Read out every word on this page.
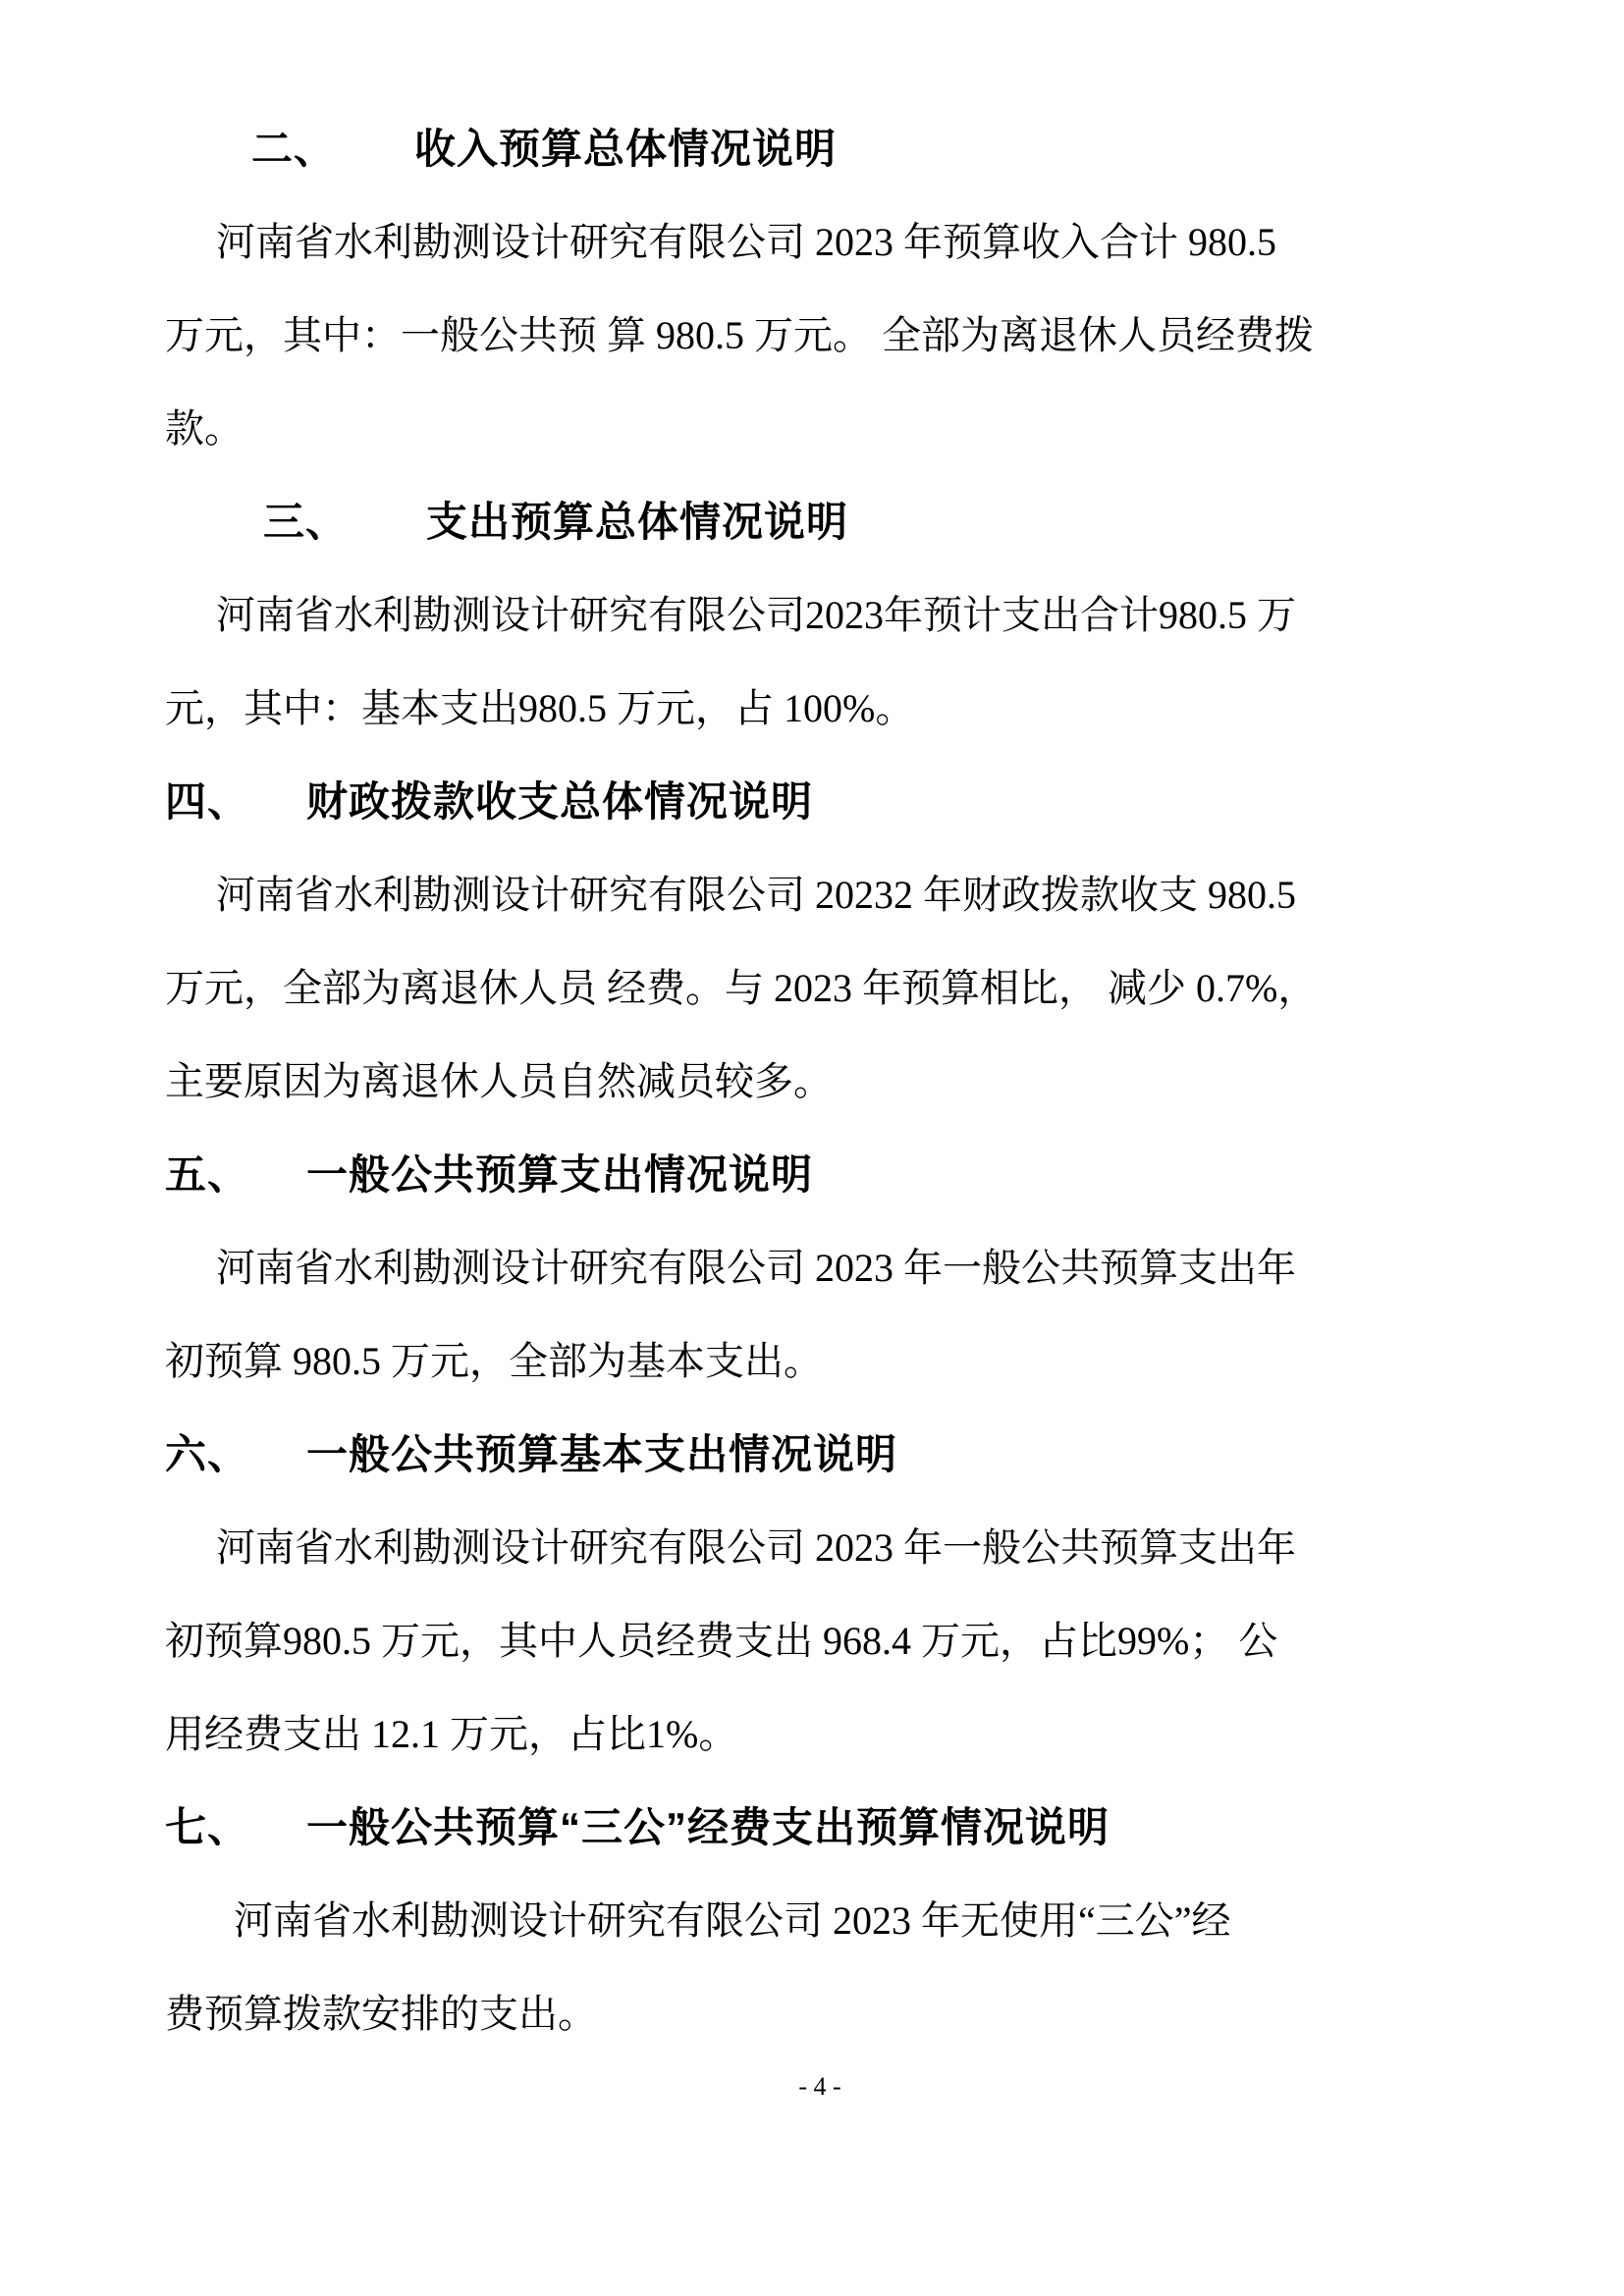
二、 收入预算总体情况说明

河南省水利勘测设计研究有限公司 2023 年预算收入合计 980.5

万元，其中：一般公共预 算 980.5 万元。 全部为离退休人员经费拨

款。

三、 支出预算总体情况说明

河南省水利勘测设计研究有限公司2023年预计支出合计980.5 万

元，其中：基本支出980.5 万元，占 100%。

四、 财政拨款收支总体情况说明

河南省水利勘测设计研究有限公司 20232 年财政拨款收支 980.5

万元，全部为离退休人员 经费。与 2023 年预算相比， 减少 0.7%，

主要原因为离退休人员自然减员较多。

五、 一般公共预算支出情况说明

河南省水利勘测设计研究有限公司 2023 年一般公共预算支出年

初预算 980.5 万元，全部为基本支出。

六、 一般公共预算基本支出情况说明

河南省水利勘测设计研究有限公司 2023 年一般公共预算支出年

初预算980.5 万元，其中人员经费支出 968.4 万元，占比99%； 公

用经费支出 12.1 万元，占比1%。

七、 一般公共预算“三公”经费支出预算情况说明

河南省水利勘测设计研究有限公司 2023 年无使用“三公”经

费预算拨款安排的支出。

- 4 -
